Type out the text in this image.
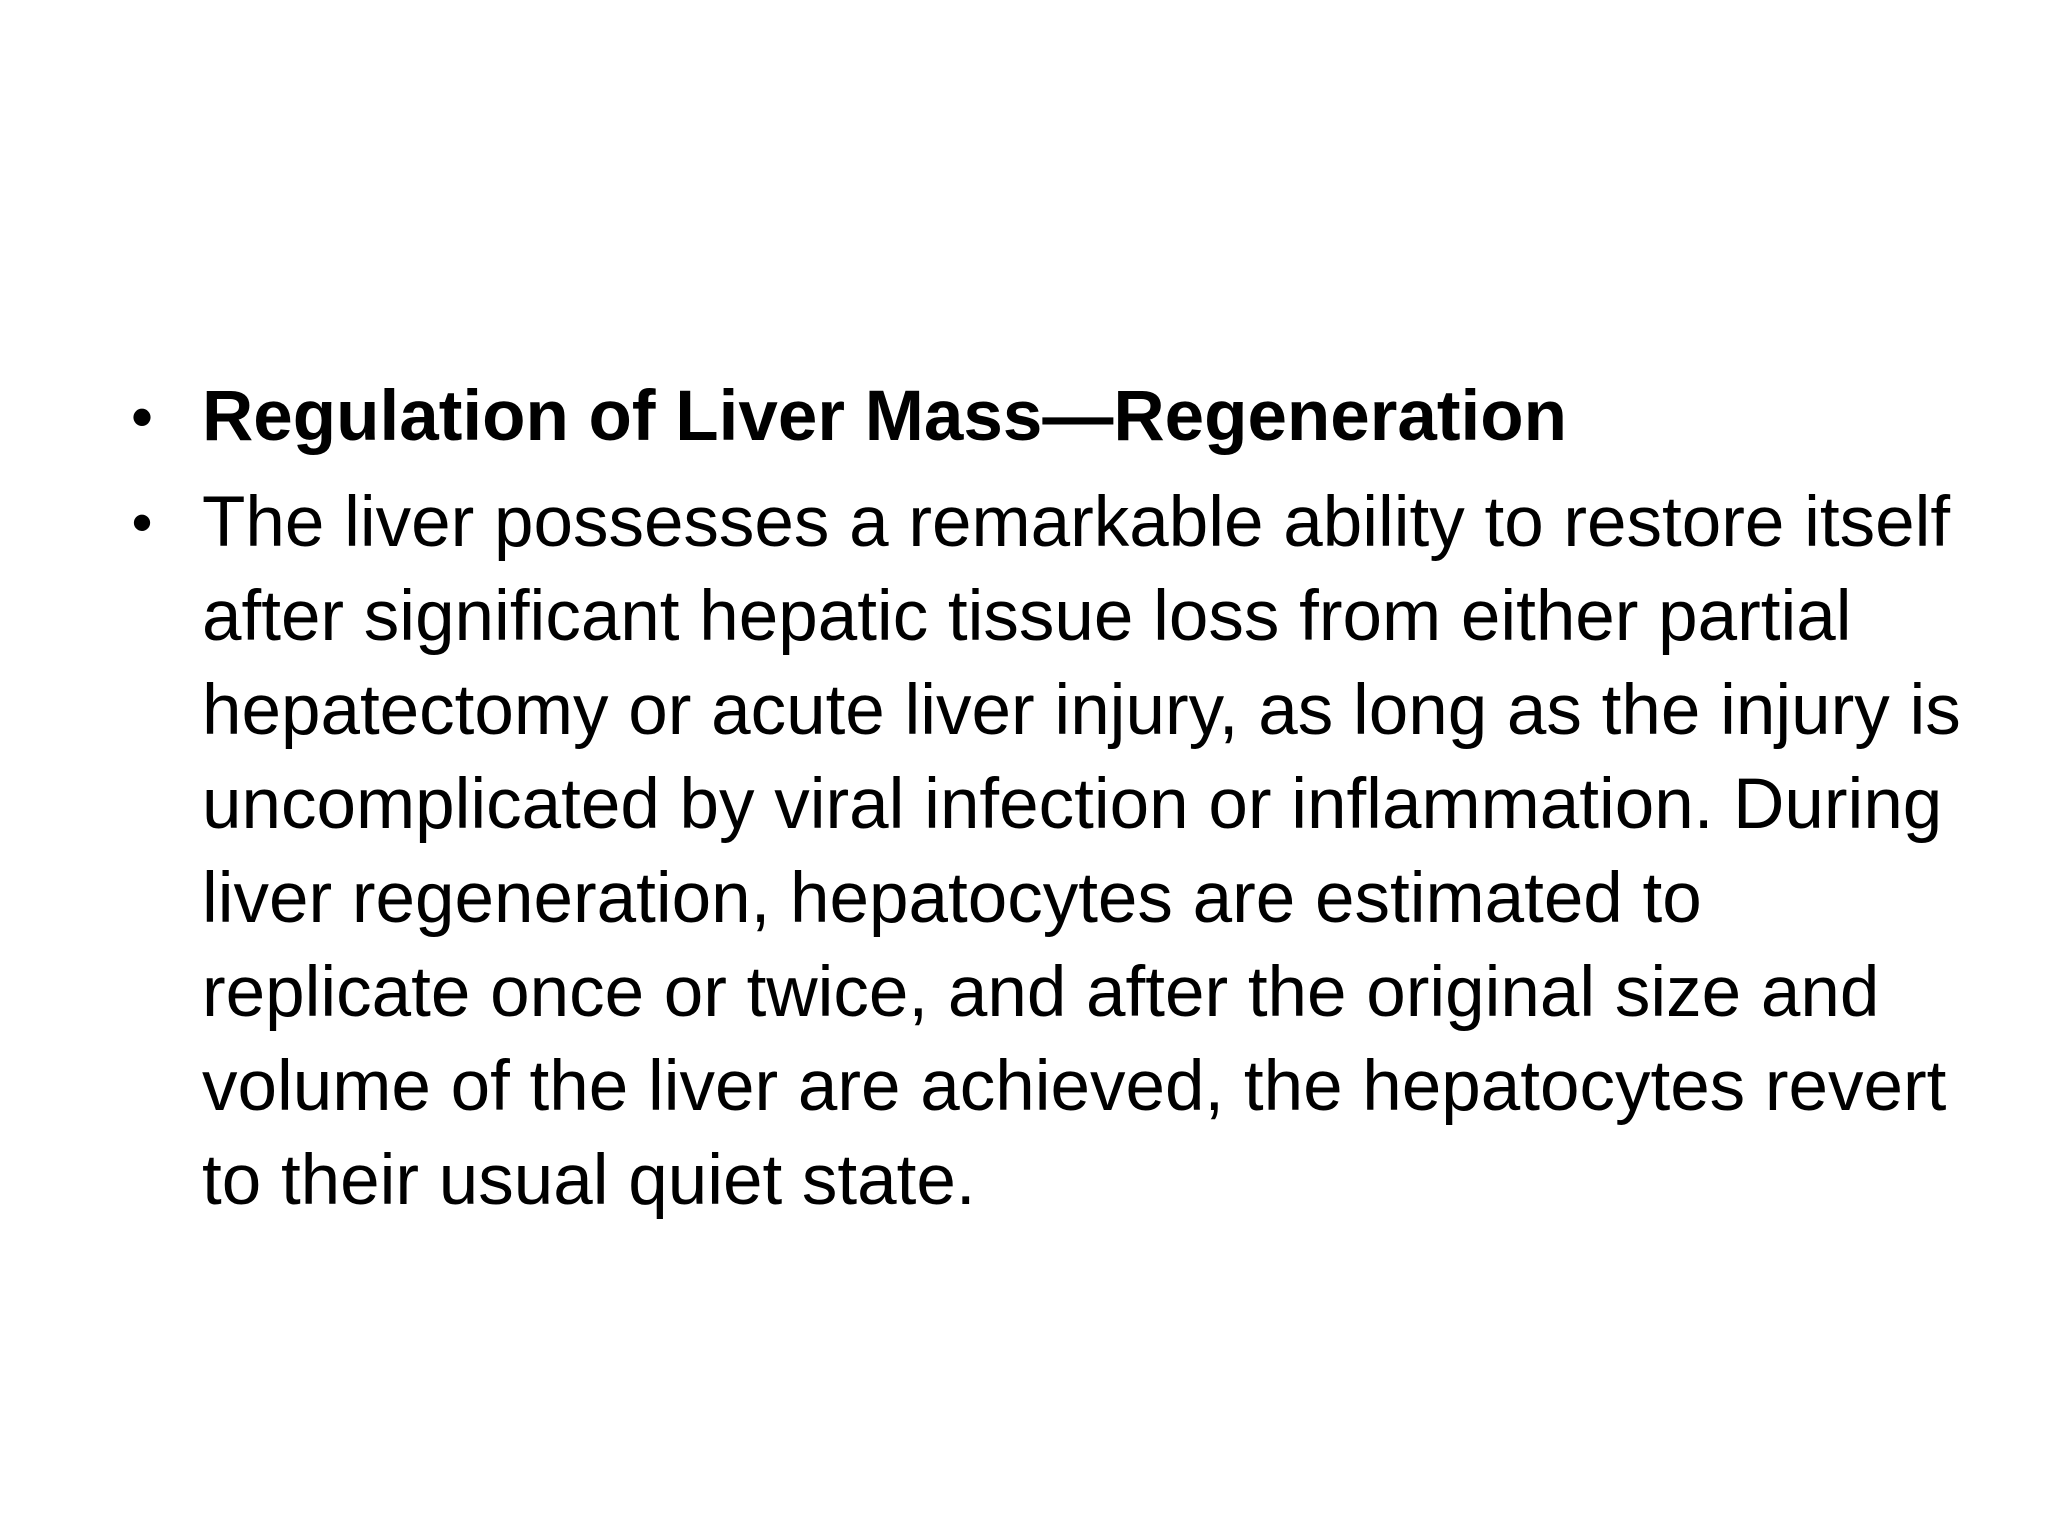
• Regulation of Liver Mass—Regeneration
• The liver possesses a remarkable ability to restore itself after significant hepatic tissue loss from either partial hepatectomy or acute liver injury, as long as the injury is uncomplicated by viral infection or inflammation. During liver regeneration, hepatocytes are estimated to replicate once or twice, and after the original size and volume of the liver are achieved, the hepatocytes revert to their usual quiet state.
